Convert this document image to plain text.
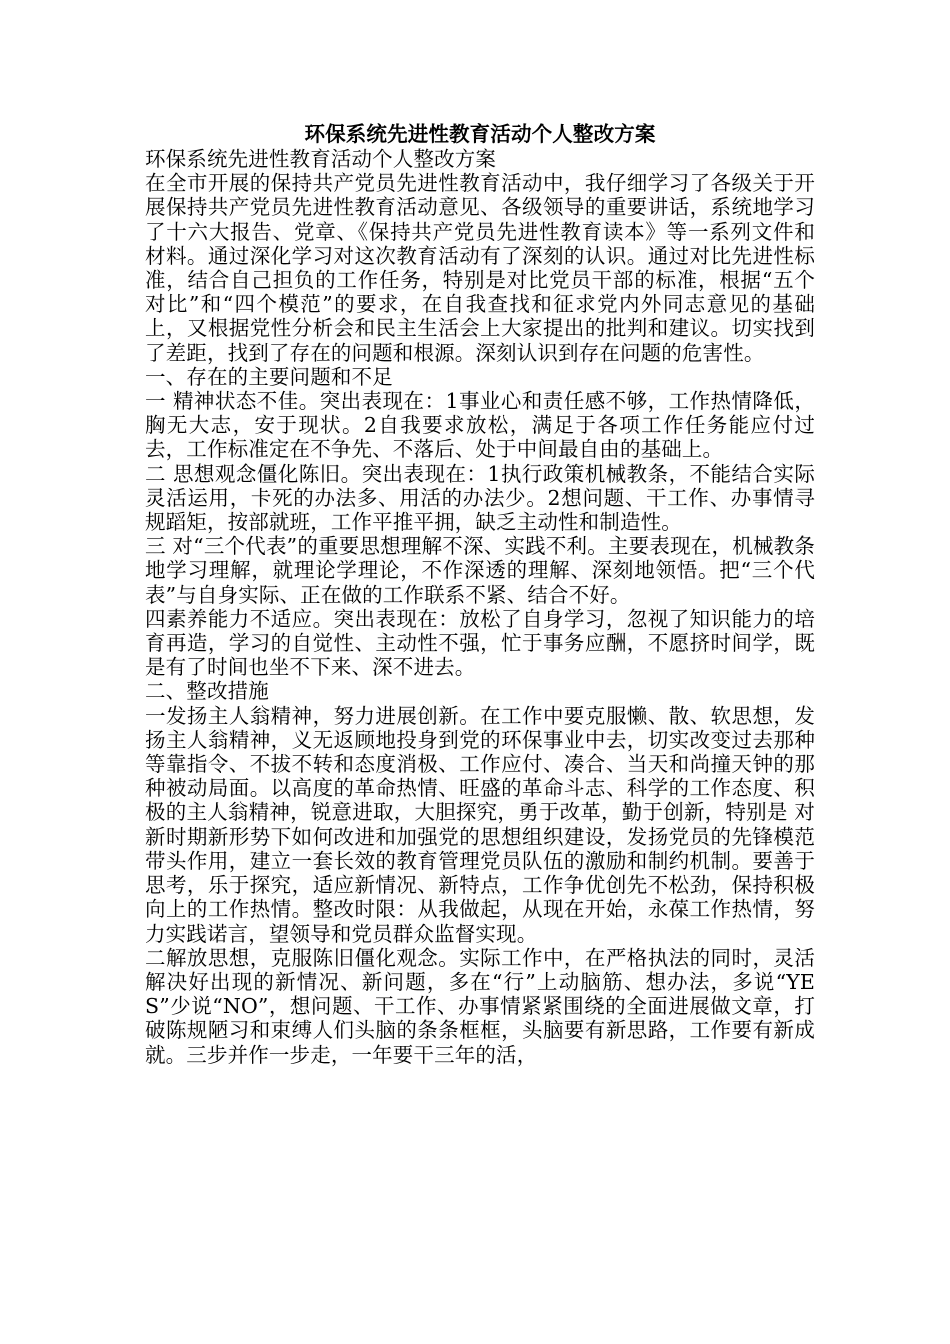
环保系统先进性教育活动个人整改方案

环保系统先进性教育活动个人整改方案

在全市开展的保持共产党员先进性教育活动中，我仔细学习了各级关于开展保持共产党员先进性教育活动意见、各级领导的重要讲话，系统地学习了十六大报告、党章、《保持共产党员先进性教育读本》等一系列文件和材料。通过深化学习对这次教育活动有了深刻的认识。通过对比先进性标准，结合自己担负的工作任务，特别是对比党员干部的标准，根据“五个对比”和“四个模范”的要求，在自我查找和征求党内外同志意见的基础上，又根据党性分析会和民主生活会上大家提出的批判和建议。切实找到了差距，找到了存在的问题和根源。深刻认识到存在问题的危害性。

一、存在的主要问题和不足

一 精神状态不佳。突出表现在：1事业心和责任感不够，工作热情降低，胸无大志，安于现状。2自我要求放松，满足于各项工作任务能应付过去，工作标准定在不争先、不落后、处于中间最自由的基础上。

二 思想观念僵化陈旧。突出表现在：1执行政策机械教条，不能结合实际灵活运用，卡死的办法多、用活的办法少。2想问题、干工作、办事情寻规蹈矩，按部就班，工作平推平拥，缺乏主动性和制造性。

三 对“三个代表”的重要思想理解不深、实践不利。主要表现在，机械教条地学习理解，就理论学理论，不作深透的理解、深刻地领悟。把“三个代表”与自身实际、正在做的工作联系不紧、结合不好。

四素养能力不适应。突出表现在：放松了自身学习，忽视了知识能力的培育再造，学习的自觉性、主动性不强，忙于事务应酬，不愿挤时间学，既是有了时间也坐不下来、深不进去。

二、整改措施

一发扬主人翁精神，努力进展创新。在工作中要克服懒、散、软思想，发扬主人翁精神，义无返顾地投身到党的环保事业中去，切实改变过去那种等靠指令、不拔不转和态度消极、工作应付、凑合、当天和尚撞天钟的那种被动局面。以高度的革命热情、旺盛的革命斗志、科学的工作态度、积极的主人翁精神，锐意进取，大胆探究，勇于改革，勤于创新，特别是 对新时期新形势下如何改进和加强党的思想组织建设，发扬党员的先锋模范带头作用，建立一套长效的教育管理党员队伍的激励和制约机制。要善于思考，乐于探究，适应新情况、新特点，工作争优创先不松劲，保持积极向上的工作热情。整改时限：从我做起，从现在开始，永葆工作热情，努力实践诺言，望领导和党员群众监督实现。

二解放思想，克服陈旧僵化观念。实际工作中，在严格执法的同时，灵活解决好出现的新情况、新问题，多在“行”上动脑筋、想办法，多说“YES”少说“NO”，想问题、干工作、办事情紧紧围绕的全面进展做文章，打破陈规陋习和束缚人们头脑的条条框框，头脑要有新思路，工作要有新成就。三步并作一步走，一年要干三年的活，
